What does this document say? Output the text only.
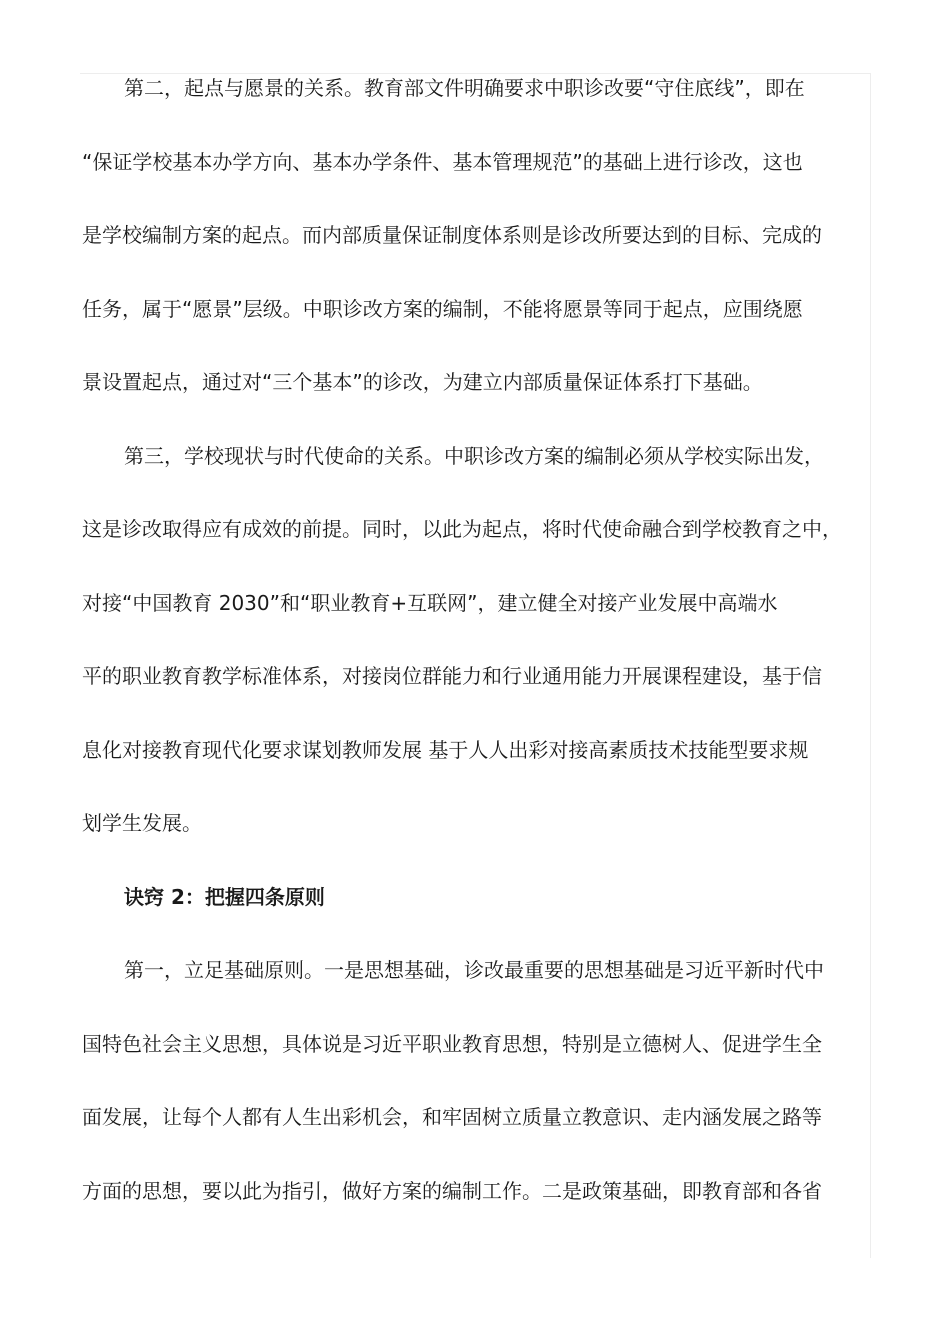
第二，起点与愿景的关系。教育部文件明确要求中职诊改要“守住底线”，即在
“保证学校基本办学方向、基本办学条件、基本管理规范”的基础上进行诊改，这也
是学校编制方案的起点。而内部质量保证制度体系则是诊改所要达到的目标、完成的
任务，属于“愿景”层级。中职诊改方案的编制，不能将愿景等同于起点，应围绕愿
景设置起点，通过对“三个基本”的诊改，为建立内部质量保证体系打下基础。
第三，学校现状与时代使命的关系。中职诊改方案的编制必须从学校实际出发，
这是诊改取得应有成效的前提。同时，以此为起点，将时代使命融合到学校教育之中，
对接“中国教育 2030”和“职业教育+互联网”，建立健全对接产业发展中高端水
平的职业教育教学标准体系，对接岗位群能力和行业通用能力开展课程建设，基于信
息化对接教育现代化要求谋划教师发展 基于人人出彩对接高素质技术技能型要求规
划学生发展。
诀窍 2：把握四条原则
第一，立足基础原则。一是思想基础，诊改最重要的思想基础是习近平新时代中
国特色社会主义思想，具体说是习近平职业教育思想，特别是立德树人、促进学生全
面发展，让每个人都有人生出彩机会，和牢固树立质量立教意识、走内涵发展之路等
方面的思想，要以此为指引，做好方案的编制工作。二是政策基础，即教育部和各省
